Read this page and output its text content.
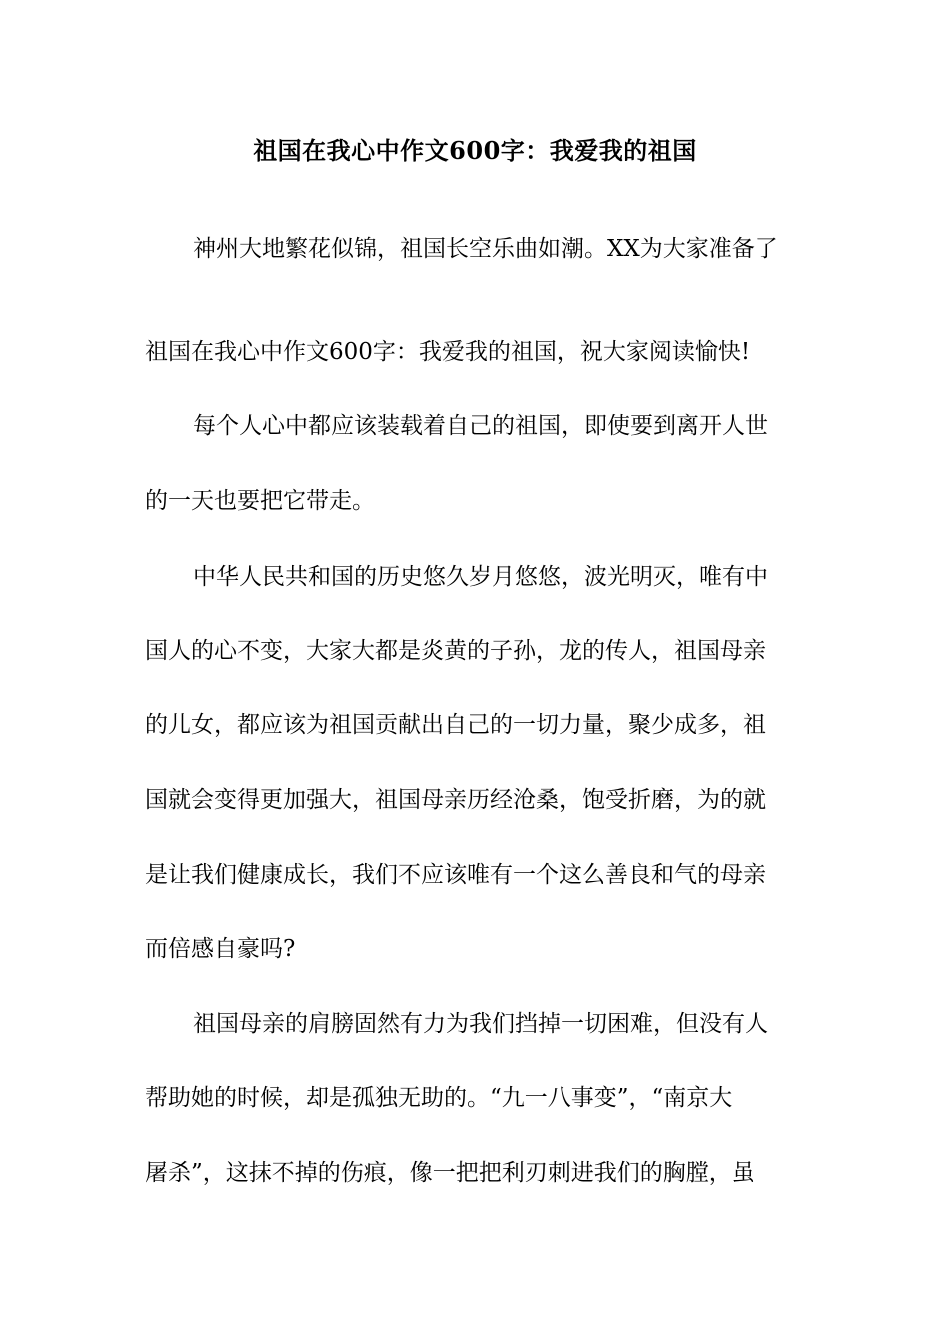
祖国在我心中作文600字：我爱我的祖国
神州大地繁花似锦，祖国长空乐曲如潮。XX为大家准备了
祖国在我心中作文600字：我爱我的祖国，祝大家阅读愉快!
每个人心中都应该装载着自己的祖国，即使要到离开人世
的一天也要把它带走。
中华人民共和国的历史悠久岁月悠悠，波光明灭，唯有中
国人的心不变，大家大都是炎黄的子孙，龙的传人，祖国母亲
的儿女，都应该为祖国贡献出自己的一切力量，聚少成多，祖
国就会变得更加强大，祖国母亲历经沧桑，饱受折磨，为的就
是让我们健康成长，我们不应该唯有一个这么善良和气的母亲
而倍感自豪吗?
祖国母亲的肩膀固然有力为我们挡掉一切困难，但没有人
帮助她的时候，却是孤独无助的。“九一八事变”，“南京大
屠杀”，这抹不掉的伤痕，像一把把利刃刺进我们的胸膛，虽
